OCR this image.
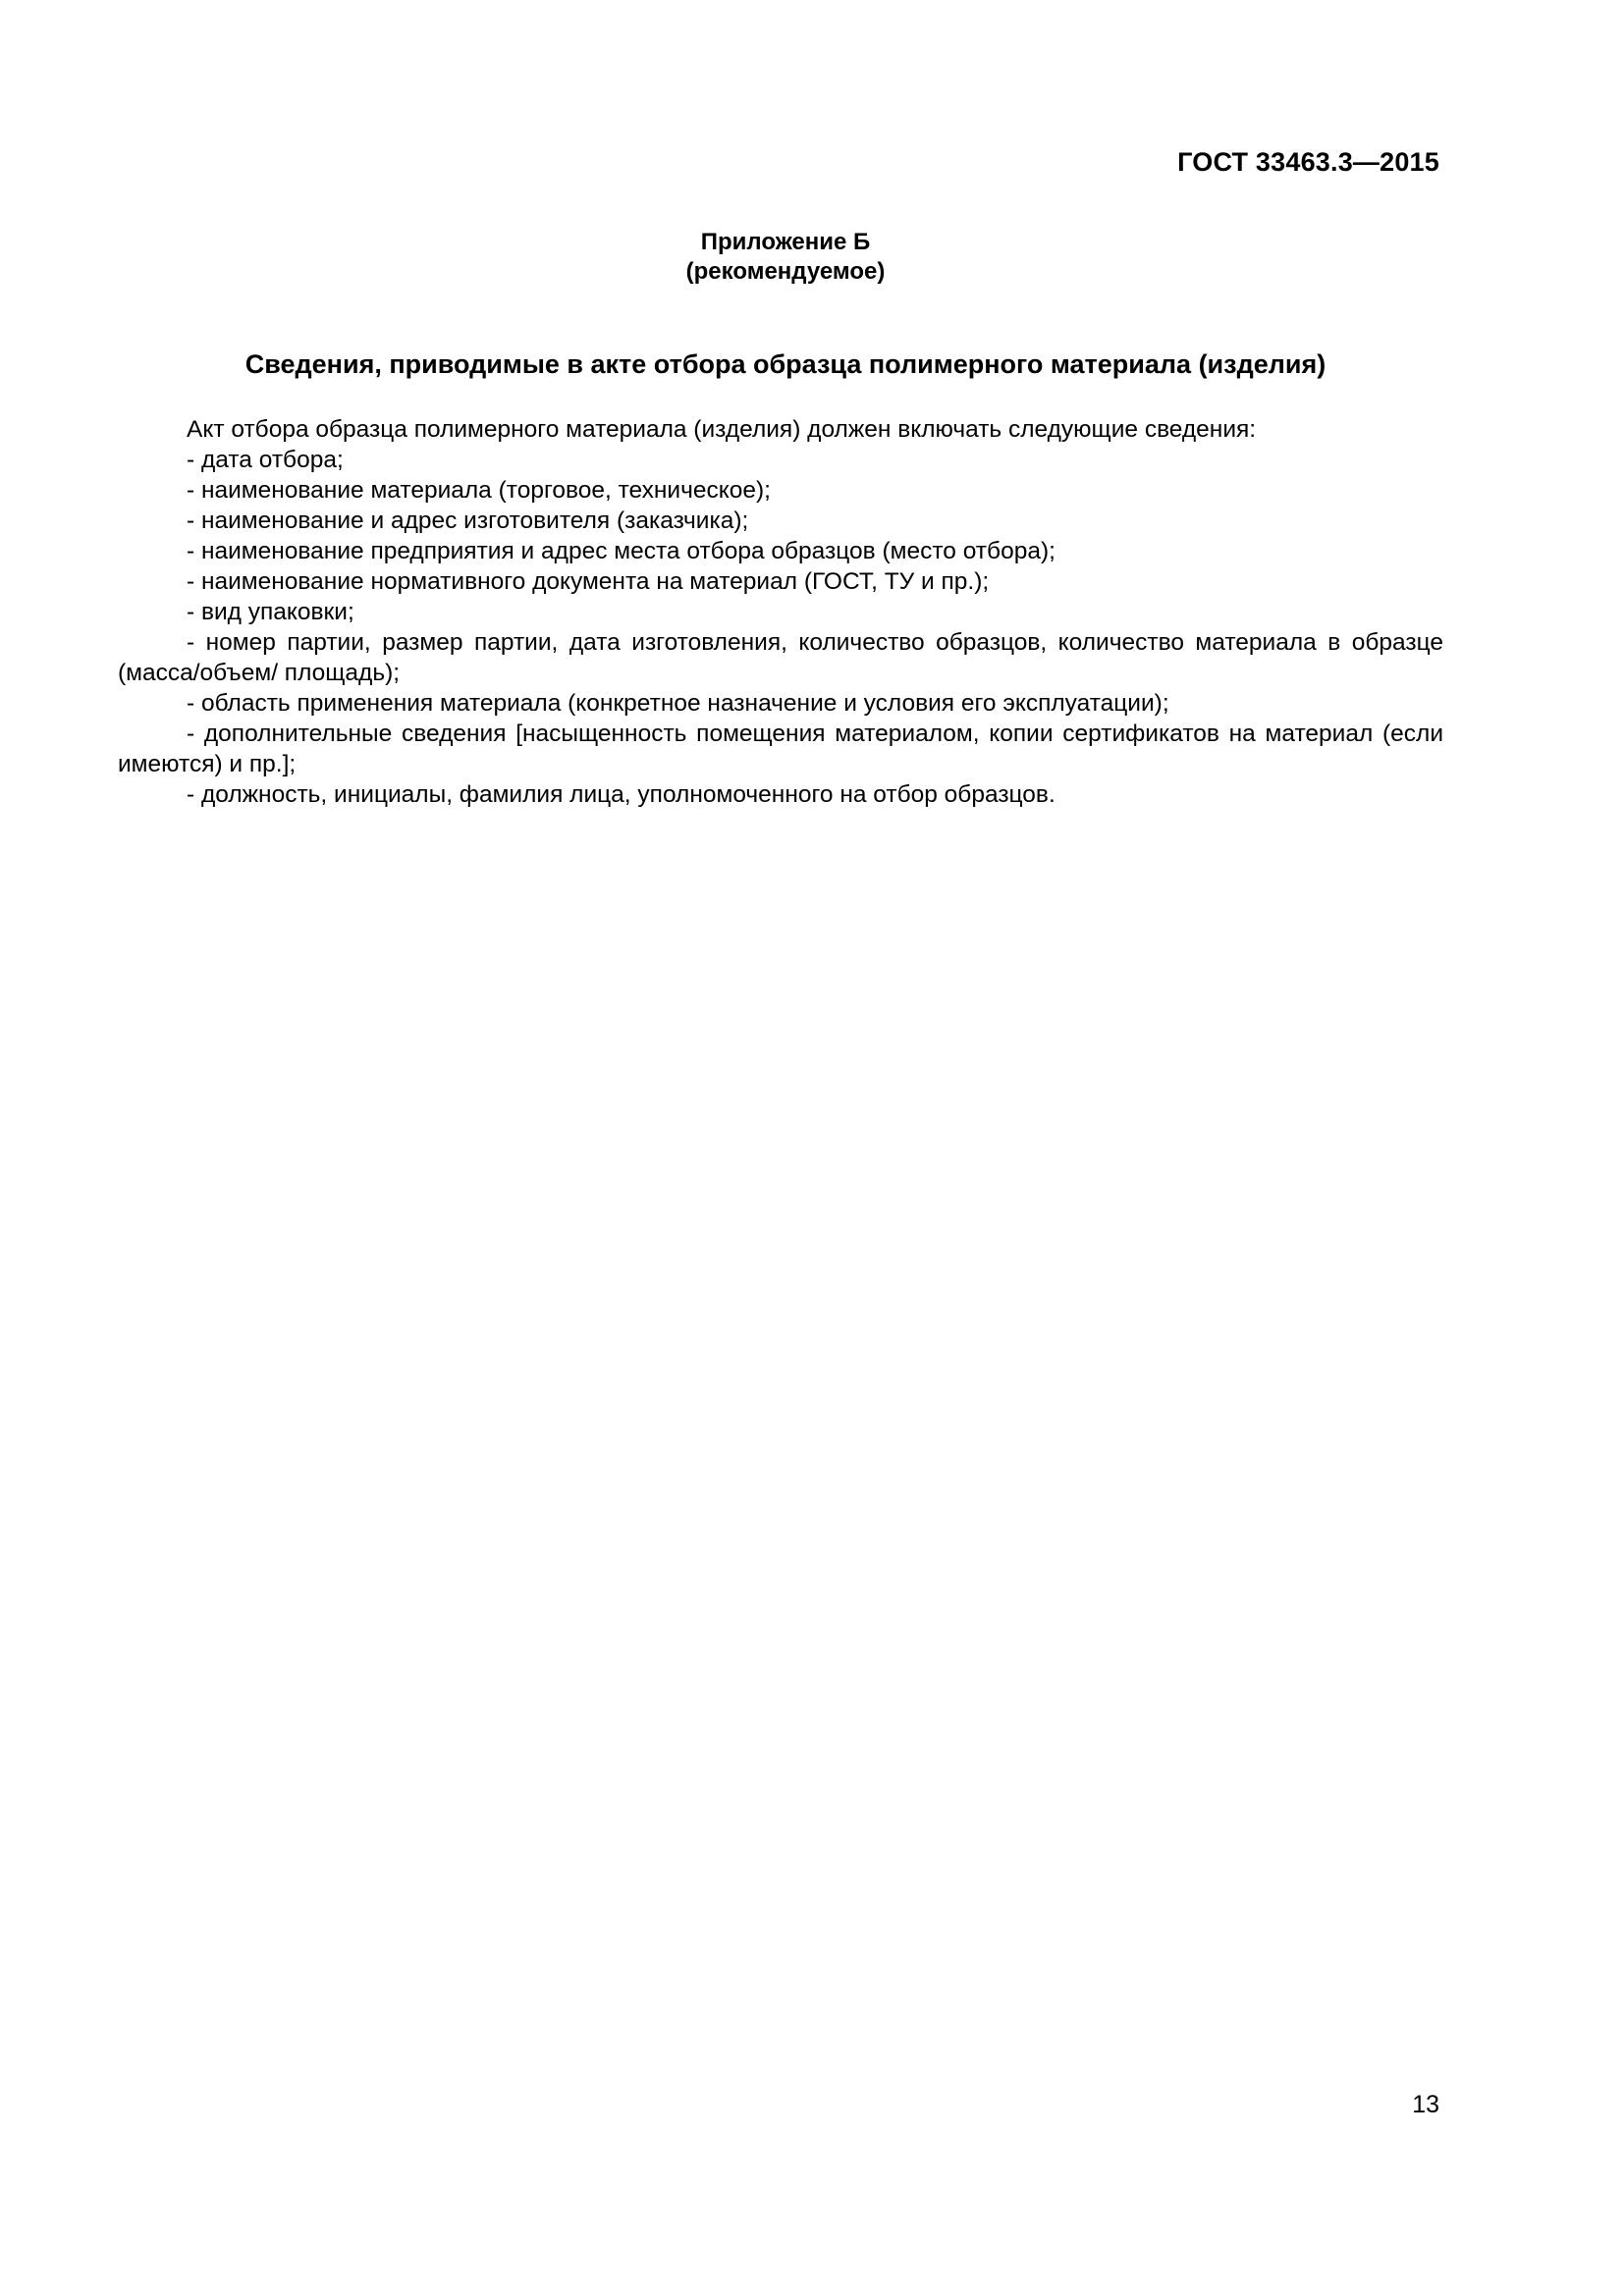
ГОСТ 33463.3—2015
Приложение Б
(рекомендуемое)
Сведения, приводимые в акте отбора образца полимерного материала (изделия)

Акт отбора образца полимерного материала (изделия) должен включать следующие сведения:

- дата отбора;

- наименование материала (торговое, техническое);

- наименование и адрес изготовителя (заказчика);

- наименование предприятия и адрес места отбора образцов (место отбора);

- наименование нормативного документа на материал (ГОСТ, ТУ и пр.);

- вид упаковки;

- номер партии, размер партии, дата изготовления, количество образцов, количество материала в образце (масса/объем/ площадь);

- область применения материала (конкретное назначение и условия его эксплуатации);

- дополнительные сведения [насыщенность помещения материалом, копии сертификатов на материал (если имеются) и пр.];

- должность, инициалы, фамилия лица, уполномоченного на отбор образцов.

13
